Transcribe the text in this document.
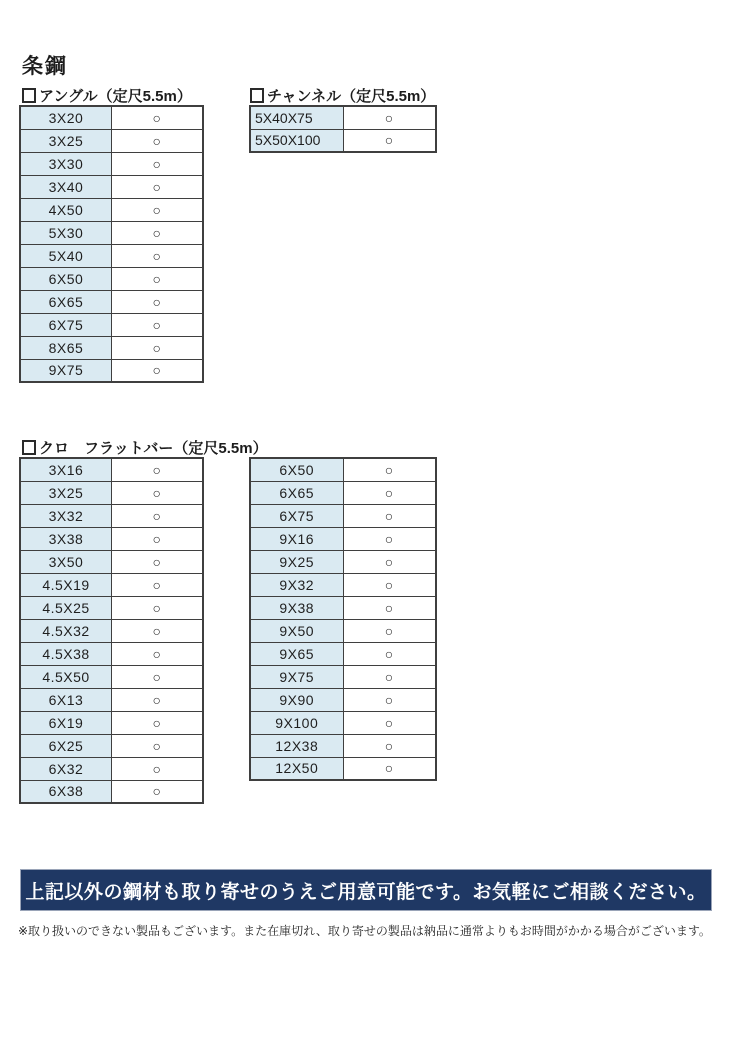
条鋼
アングル（定尺5.5m）	チャンネル（定尺5.5m）
3X20	○
3X25	○
3X30	○
3X40	○
4X50	○
5X30	○
5X40	○
6X50	○
6X65	○
6X75	○
8X65	○
9X75	○
5X40X75	○
5X50X100	○
クロ　フラットバー（定尺5.5m）
3X16	○
3X25	○
3X32	○
3X38	○
3X50	○
4.5X19	○
4.5X25	○
4.5X32	○
4.5X38	○
4.5X50	○
6X13	○
6X19	○
6X25	○
6X32	○
6X38	○
6X50	○
6X65	○
6X75	○
9X16	○
9X25	○
9X32	○
9X38	○
9X50	○
9X65	○
9X75	○
9X90	○
9X100	○
12X38	○
12X50	○
上記以外の鋼材も取り寄せのうえご用意可能です。お気軽にご相談ください。
※取り扱いのできない製品もございます。また在庫切れ、取り寄せの製品は納品に通常よりもお時間がかかる場合がございます。
